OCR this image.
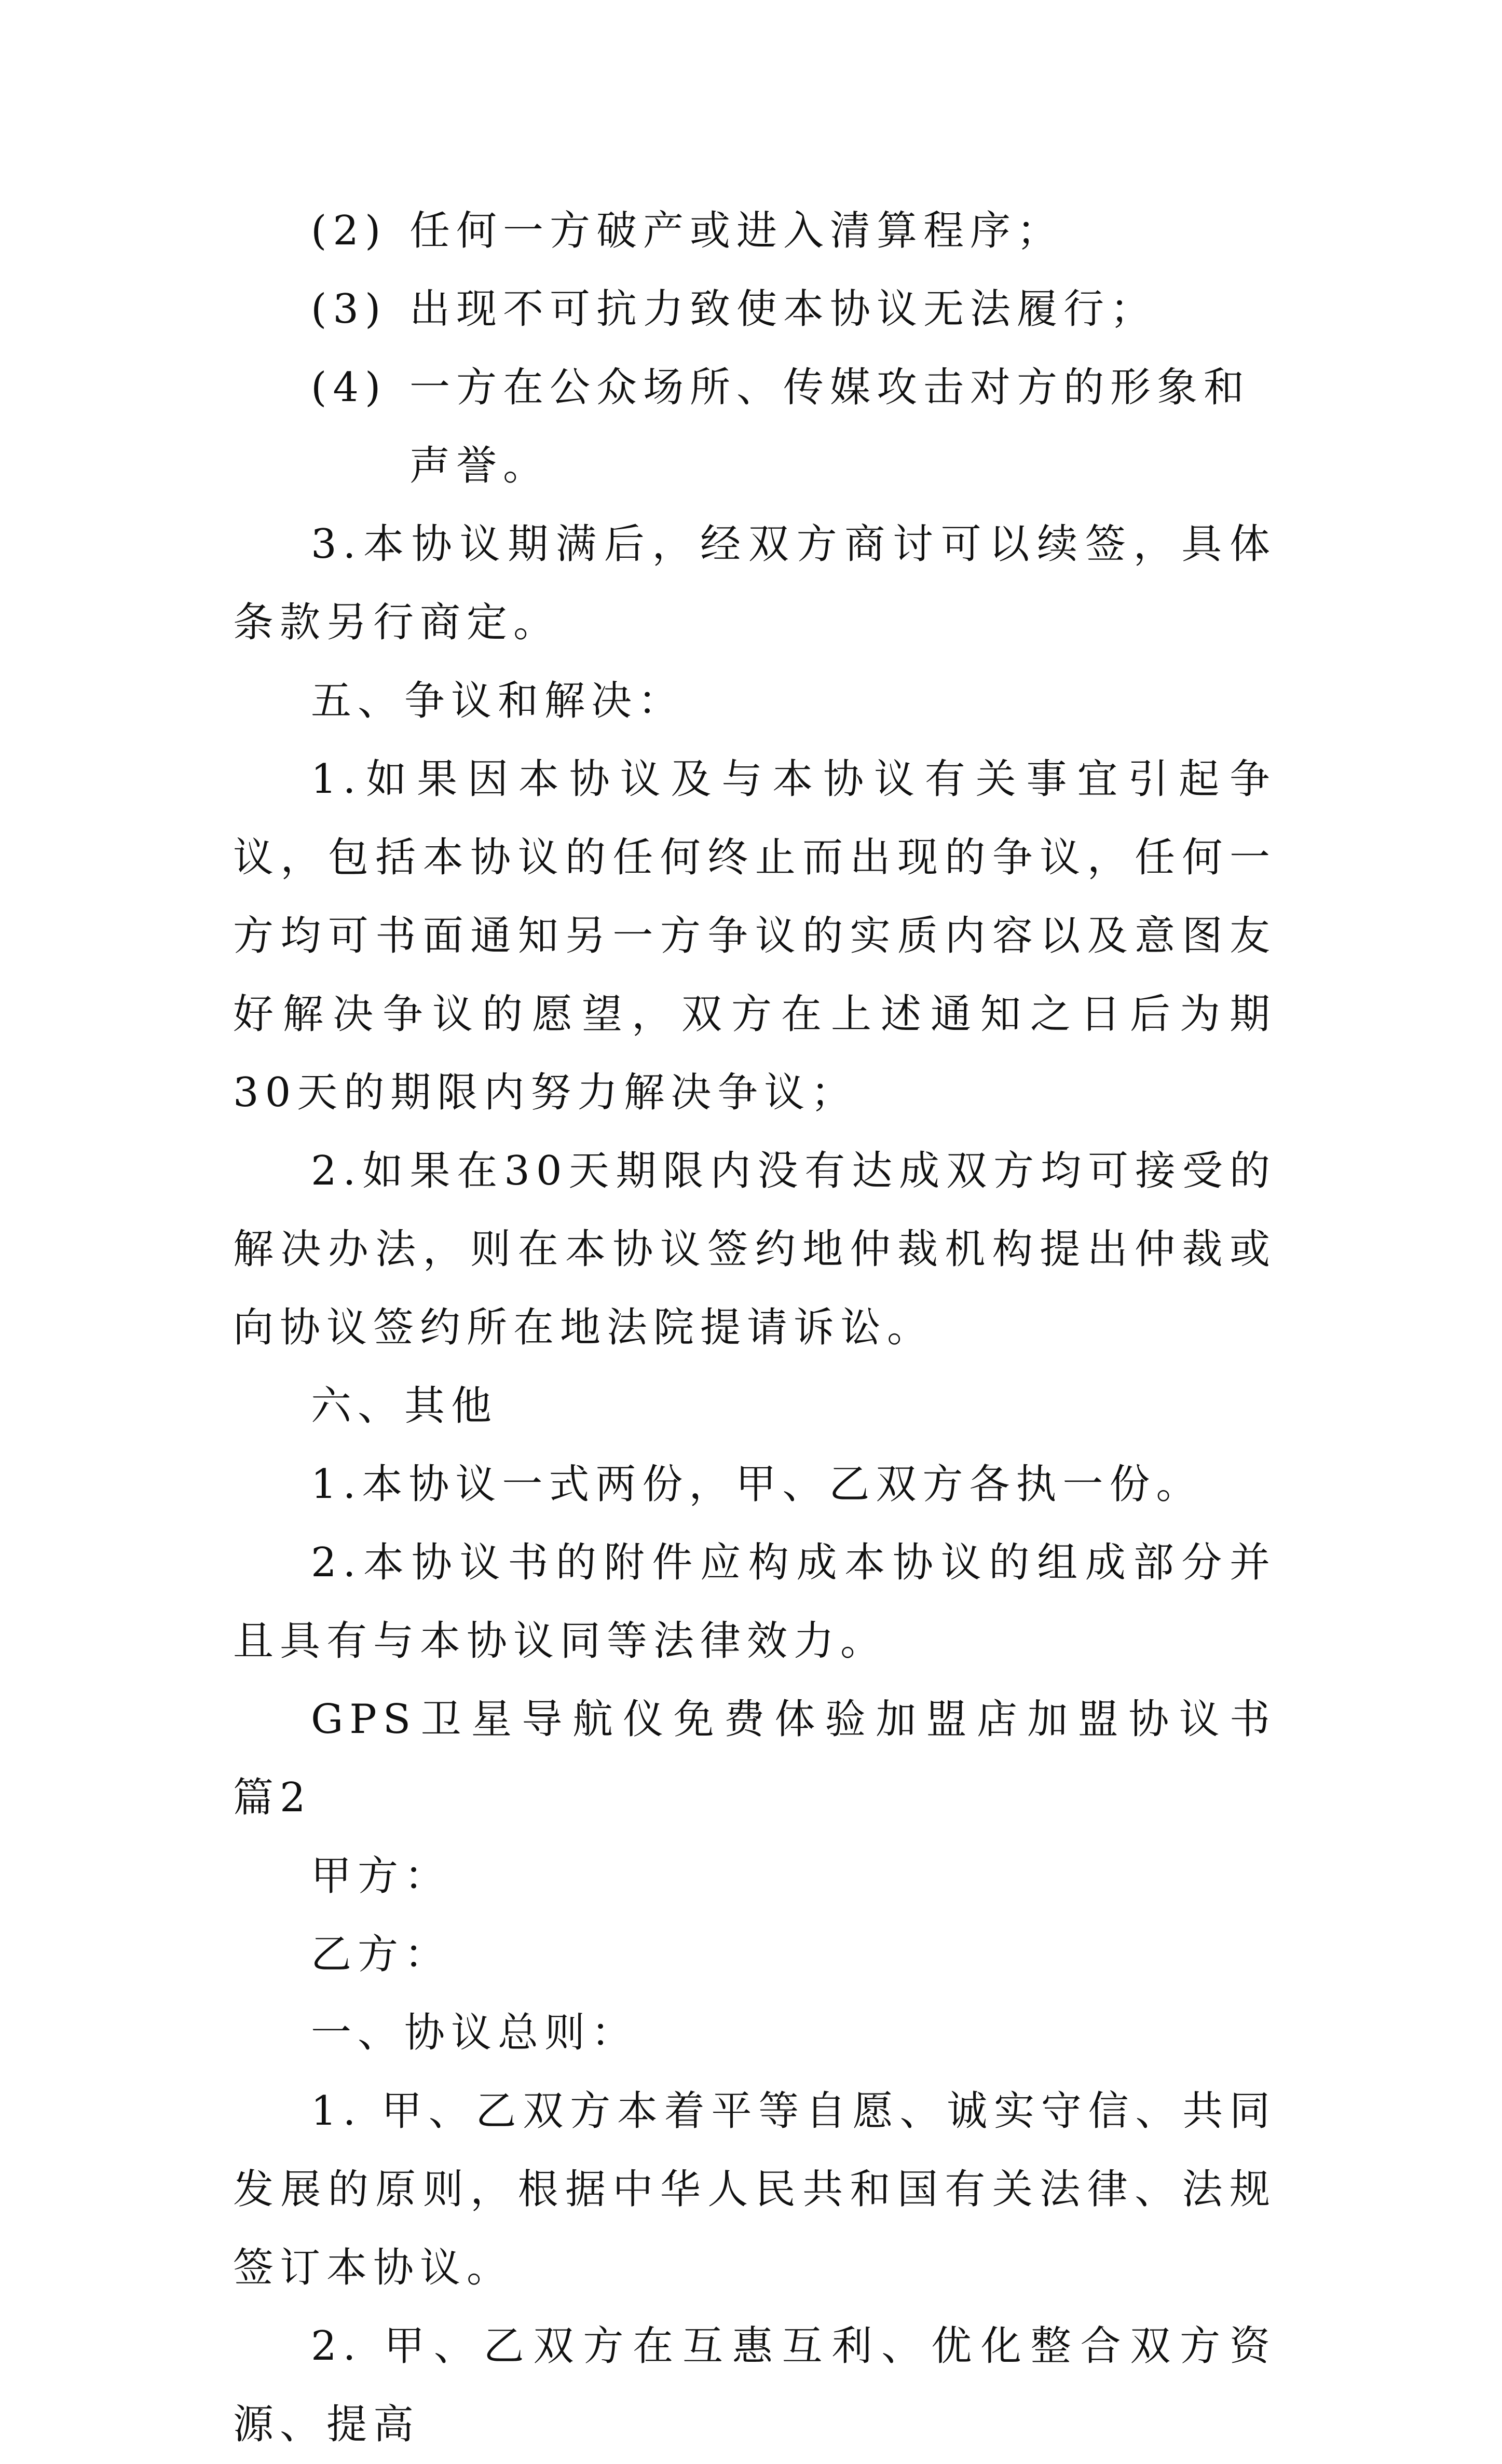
(2) 任何一方破产或进入清算程序；
(3) 出现不可抗力致使本协议无法履行；
(4) 一方在公众场所、传媒攻击对方的形象和声誉。

3.本协议期满后，经双方商讨可以续签，具体条款另行商定。

五、争议和解决：

1.如果因本协议及与本协议有关事宜引起争议，包括本协议的任何终止而出现的争议，任何一方均可书面通知另一方争议的实质内容以及意图友好解决争议的愿望，双方在上述通知之日后为期30天的期限内努力解决争议；

2.如果在30天期限内没有达成双方均可接受的解决办法，则在本协议签约地仲裁机构提出仲裁或向协议签约所在地法院提请诉讼。

六、其他

1.本协议一式两份，甲、乙双方各执一份。

2.本协议书的附件应构成本协议的组成部分并且具有与本协议同等法律效力。

GPS卫星导航仪免费体验加盟店加盟协议书 篇2

甲方：

乙方：

一、协议总则：

1. 甲、乙双方本着平等自愿、诚实守信、共同发展的原则，根据中华人民共和国有关法律、法规签订本协议。

2. 甲、乙双方在互惠互利、优化整合双方资源、提高
